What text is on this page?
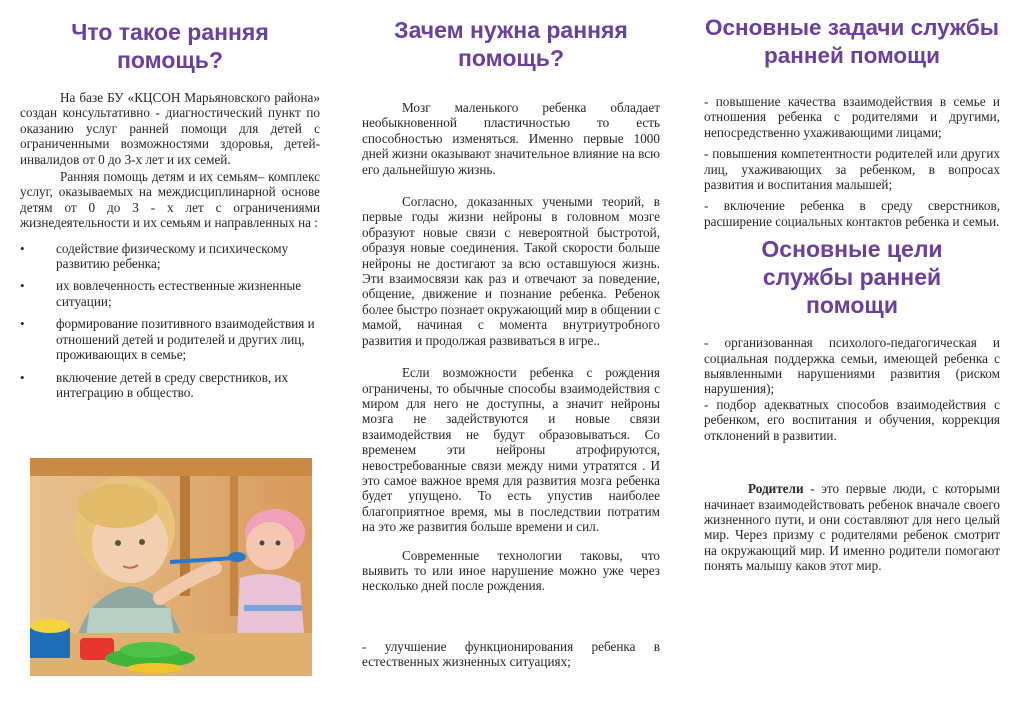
Что такое ранняя помощь?

На базе БУ «КЦСОН Марьяновского района» создан консультативно - диагностический пункт по оказанию услуг ранней помощи для детей с ограниченными возможностями здоровья, детей-инвалидов от 0 до 3-х лет и их семей.

Ранняя помощь детям и их семьям– комплекс услуг, оказываемых на междисциплинарной основе детям от 0 до 3 - х лет с ограничениями жизнедеятельности и их семьям и направленных на :

• содействие физическому и психическому развитию ребенка;
• их вовлеченность естественные жизненные ситуации;
• формирование позитивного взаимодействия и отношений детей и родителей и других лиц, проживающих в семье;
• включение детей в среду сверстников, их интеграцию в общество.
Зачем нужна ранняя помощь?

Мозг маленького ребенка обладает необыкновенной пластичностью то есть способностью изменяться. Именно первые 1000 дней жизни оказывают значительное влияние на всю его дальнейшую жизнь.

Согласно, доказанных учеными теорий, в первые годы жизни нейроны в головном мозге образуют новые связи с невероятной быстротой, образуя новые соединения. Такой скорости больше нейроны не достигают за всю оставшуюся жизнь. Эти взаимосвязи как раз и отвечают за поведение, общение, движение и познание ребенка. Ребенок более быстро познает окружающий мир в общении с мамой, начиная с момента внутриутробного развития и продолжая развиваться в игре..

Если возможности ребенка с рождения ограничены, то обычные способы взаимодействия с миром для него не доступны, а значит нейроны мозга не задействуются и новые связи взаимодействия не будут образовываться. Со временем эти нейроны атрофируются, невостребованные связи между ними утратятся . И это самое важное время для развития мозга ребенка будет упущено. То есть упустив наиболее благоприятное время, мы в последствии потратим на это же развития больше времени и сил.

Современные технологии таковы, что выявить то или иное нарушение можно уже через несколько дней после рождения.

- улучшение функционирования ребенка в естественных жизненных ситуациях;

Основные задачи службы ранней помощи

- повышение качества взаимодействия в семье и отношения ребенка с родителями и другими, непосредственно ухаживающими лицами;

- повышения компетентности родителей или других лиц, ухаживающих за ребенком, в вопросах развития и воспитания малышей;

- включение ребенка в среду сверстников, расширение социальных контактов ребенка и семьи.

Основные цели службы ранней помощи

- организованная психолого-педагогическая и социальная поддержка семьи, имеющей ребенка с выявленными нарушениями развития (риском нарушения);

- подбор адекватных способов взаимодействия с ребенком, его воспитания и обучения, коррекция отклонений в развитии.

Родители - это первые люди, с которыми начинает взаимодействовать ребенок вначале своего жизненного пути, и они составляют для него целый мир. Через призму с родителями ребенок смотрит на окружающий мир. И именно родители помогают понять малышу каков этот мир.
